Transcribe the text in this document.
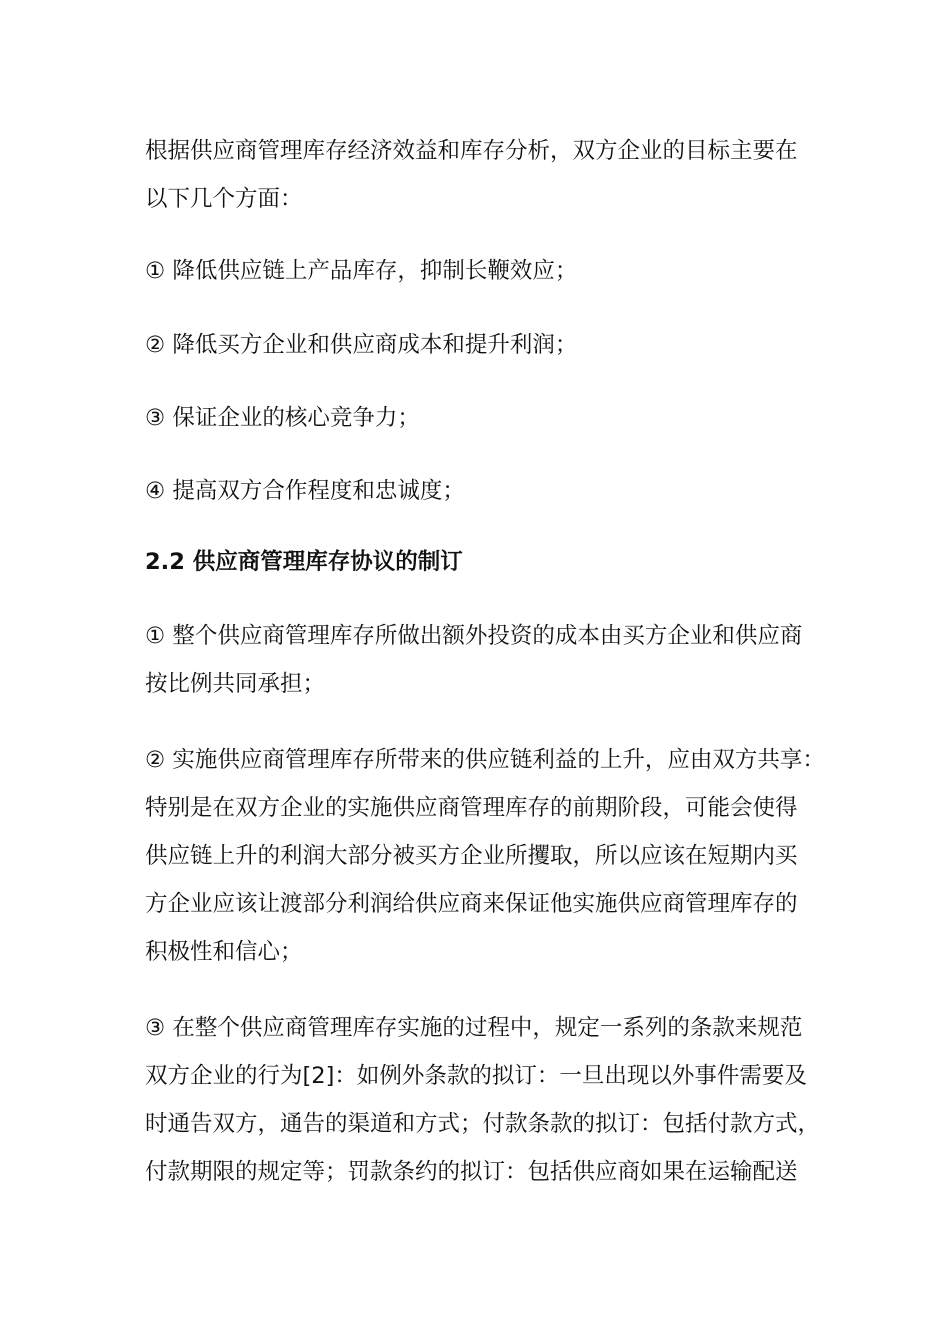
根据供应商管理库存经济效益和库存分析，双方企业的目标主要在
以下几个方面：

① 降低供应链上产品库存，抑制长鞭效应；

② 降低买方企业和供应商成本和提升利润；

③ 保证企业的核心竞争力；

④ 提高双方合作程度和忠诚度；

2.2 供应商管理库存协议的制订

① 整个供应商管理库存所做出额外投资的成本由买方企业和供应商
按比例共同承担；

② 实施供应商管理库存所带来的供应链利益的上升，应由双方共享：
特别是在双方企业的实施供应商管理库存的前期阶段，可能会使得
供应链上升的利润大部分被买方企业所攫取，所以应该在短期内买
方企业应该让渡部分利润给供应商来保证他实施供应商管理库存的
积极性和信心；

③ 在整个供应商管理库存实施的过程中，规定一系列的条款来规范
双方企业的行为[2]：如例外条款的拟订：一旦出现以外事件需要及
时通告双方，通告的渠道和方式；付款条款的拟订：包括付款方式，
付款期限的规定等；罚款条约的拟订：包括供应商如果在运输配送
